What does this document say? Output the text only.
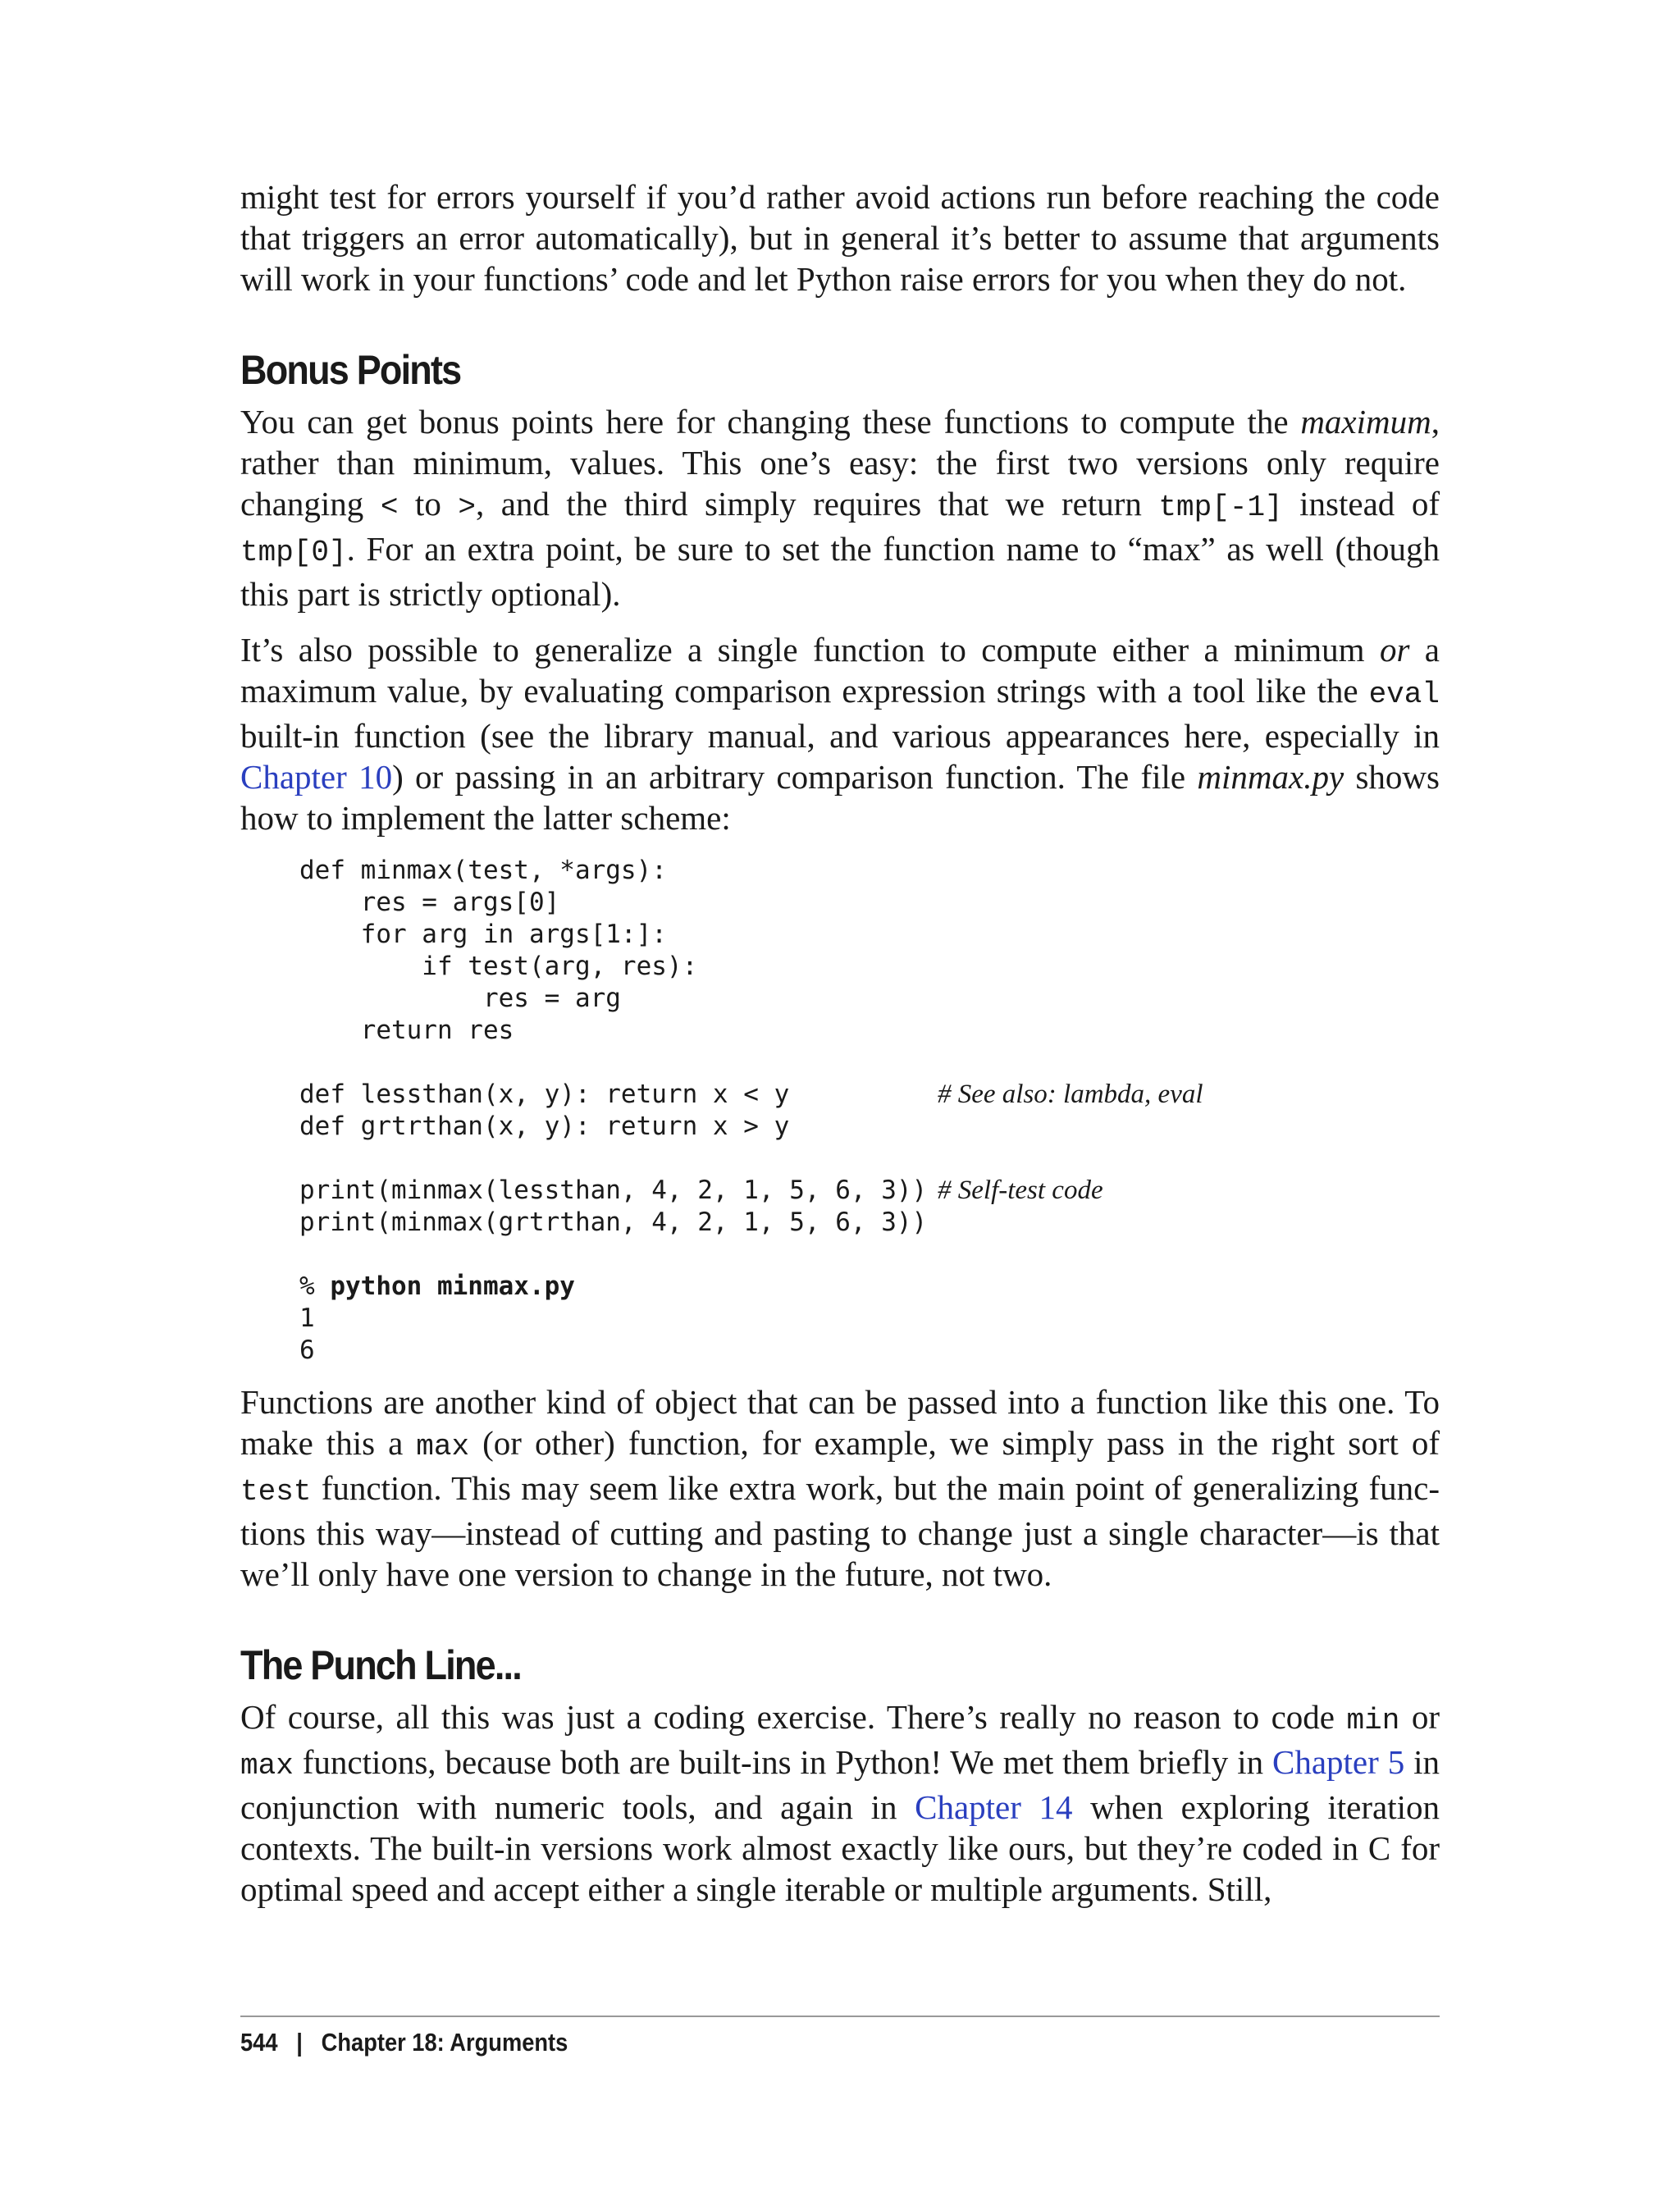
might test for errors yourself if you’d rather avoid actions run before reaching the code that triggers an error automatically), but in general it’s better to assume that arguments will work in your functions’ code and let Python raise errors for you when they do not.

Bonus Points

You can get bonus points here for changing these functions to compute the maximum, rather than minimum, values. This one’s easy: the first two versions only require changing < to >, and the third simply requires that we return tmp[-1] instead of tmp[0]. For an extra point, be sure to set the function name to “max” as well (though this part is strictly optional).

It’s also possible to generalize a single function to compute either a minimum or a maximum value, by evaluating comparison expression strings with a tool like the eval built-in function (see the library manual, and various appearances here, especially in Chapter 10) or passing in an arbitrary comparison function. The file minmax.py shows how to implement the latter scheme:

def minmax(test, *args):
res = args[0]
for arg in args[1:]:
if test(arg, res):
res = arg
return res
def lessthan(x, y): return x < y	# See also: lambda, eval
def grtrthan(x, y): return x > y
print(minmax(lessthan, 4, 2, 1, 5, 6, 3)) # Self-test code
print(minmax(grtrthan, 4, 2, 1, 5, 6, 3))
% python minmax.py
1
6

Functions are another kind of object that can be passed into a function like this one. To make this a max (or other) function, for example, we simply pass in the right sort of test function. This may seem like extra work, but the main point of generalizing functions this way—instead of cutting and pasting to change just a single character—is that we’ll only have one version to change in the future, not two.

The Punch Line...

Of course, all this was just a coding exercise. There’s really no reason to code min or max functions, because both are built-ins in Python! We met them briefly in Chapter 5 in conjunction with numeric tools, and again in Chapter 14 when exploring iteration contexts. The built-in versions work almost exactly like ours, but they’re coded in C for optimal speed and accept either a single iterable or multiple arguments. Still,

544 | Chapter 18: Arguments
